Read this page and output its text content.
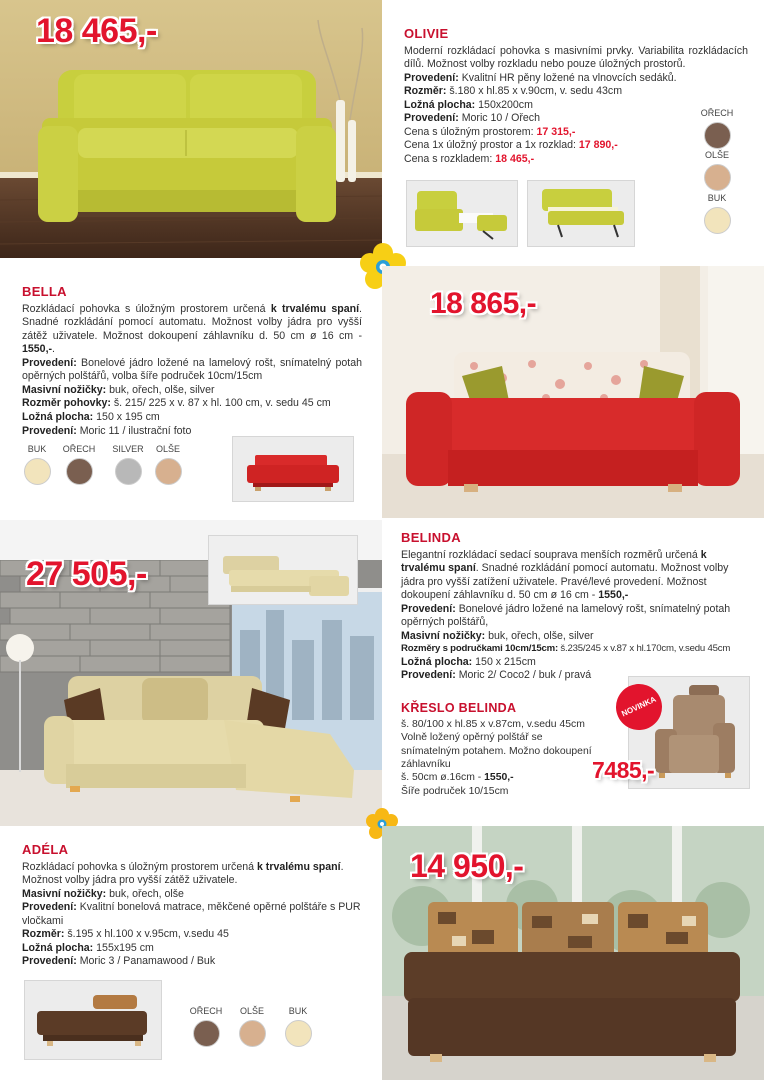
18 465,-	OLIVIE

Moderní rozkládací pohovka s masivními prvky. Variabilita rozkládacích dílů. Možnost volby rozkladu nebo pouze úložných prostorů.

Provedení: Kvalitní HR pěny ložené na vlnovcích sedáků.

Rozměr: š.180 x hl.85 x v.90cm, v. sedu 43cm

Ložná plocha: 150x200cm

Provedení: Moric 10 / Ořech

Cena s úložným prostorem: 17 315,-

Cena 1x úložný prostor a 1x rozklad: 17 890,-

Cena s rozkladem: 18 465,-

OŘECH
OLŠE
BUK
BELLA

Rozkládací pohovka s úložným prostorem určená k trvalému spaní. Snadné rozkládání pomocí automatu. Možnost volby jádra pro vyšší zátěž uživatele. Možnost dokoupení záhlavníku d. 50 cm ø 16 cm - 1550,-.

Provedení: Bonelové jádro ložené na lamelový rošt, snímatelný potah opěrných polštářů, volba šíře područek 10cm/15cm

Masivní nožičky: buk, ořech, olše, silver

Rozměr pohovky: š. 215/ 225 x v. 87 x hl. 100 cm, v. sedu 45 cm

Ložná plocha: 150 x 195 cm

Provedení: Moric 11 / ilustrační foto

BUK	OŘECH	SILVER	OLŠE
18 865,-
27 505,-
BELINDA

Elegantní rozkládací sedací souprava menších rozměrů určená k trvalému spaní. Snadné rozkládání pomocí automatu. Možnost volby jádra pro vyšší zatížení uživatele. Pravé/levé provedení. Možnost dokoupení záhlavníku d. 50 cm ø 16 cm - 1550,-

Provedení: Bonelové jádro ložené na lamelový rošt, snímatelný potah opěrných polštářů,

Masivní nožičky: buk, ořech, olše, silver

Rozměry s područkami 10cm/15cm: š.235/245 x v.87 x hl.170cm, v.sedu 45cm

Ložná plocha: 150 x 215cm

Provedení: Moric 2/ Coco2 / buk / pravá

KŘESLO BELINDA

š. 80/100 x hl.85 x v.87cm, v.sedu 45cm

Volně ložený opěrný polštář se snímatelným potahem. Možno dokoupení záhlavníku

š. 50cm ø.16cm - 1550,-

Šíře područek 10/15cm

NOVINKA
7485,-
ADÉLA

Rozkládací pohovka s úložným prostorem určená k trvalému spaní. Možnost volby jádra pro vyšší zátěž uživatele.

Masivní nožičky: buk, ořech, olše

Provedení: Kvalitní bonelová matrace, měkčené opěrné polštáře s PUR vločkami

Rozměr: š.195 x hl.100 x v.95cm, v.sedu 45

Ložná plocha: 155x195 cm

Provedení: Moric 3 / Panamawood / Buk

OŘECH	OLŠE	BUK
14 950,-
